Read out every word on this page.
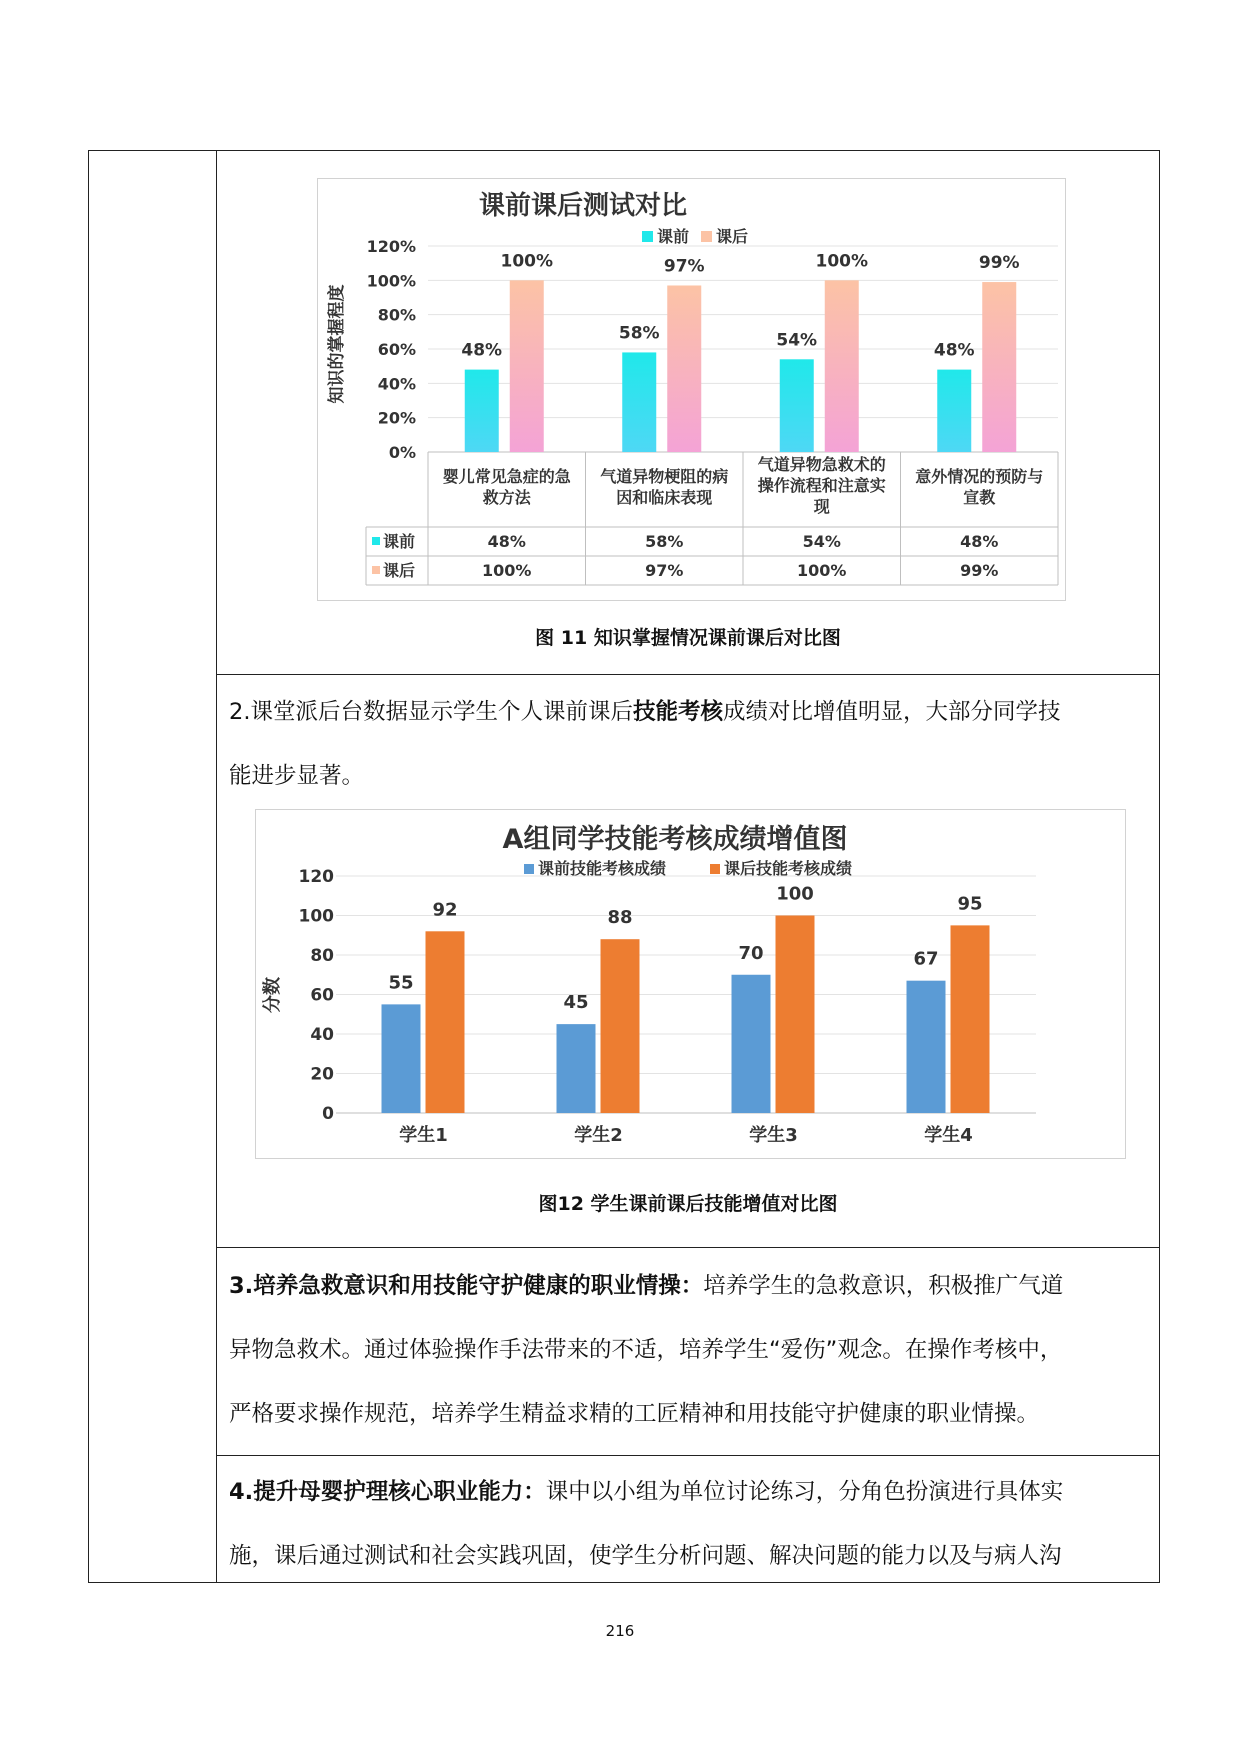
课前课后测试对比
课前 课后
0%
20%
40%
60%
80%
100%
120%
知识的掌握程度	48%
100%
58%
97%
54%
100%
48%
99%
婴儿常见急症的急
救方法
气道异物梗阻的病
因和临床表现
气道异物急救术的
操作流程和注意实
现
意外情况的预防与
宣教
课前	48%	58%	54%	48%
课后	100%	97%	100%	99%
图 11 知识掌握情况课前课后对比图
2.课堂派后台数据显示学生个人课前课后技能考核成绩对比增值明显，大部分同学技
能进步显著。
A组同学技能考核成绩增值图
课前技能考核成绩	课后技能考核成绩
0
20
40
60
80
100
120
分数	55
92
学生1
45
88
学生2
70
100
学生3
67
95
学生4
图12 学生课前课后技能增值对比图
3.培养急救意识和用技能守护健康的职业情操：培养学生的急救意识，积极推广气道
异物急救术。通过体验操作手法带来的不适，培养学生“爱伤”观念。在操作考核中，
严格要求操作规范，培养学生精益求精的工匠精神和用技能守护健康的职业情操。
4.提升母婴护理核心职业能力：课中以小组为单位讨论练习，分角色扮演进行具体实
施，课后通过测试和社会实践巩固，使学生分析问题、解决问题的能力以及与病人沟
216
